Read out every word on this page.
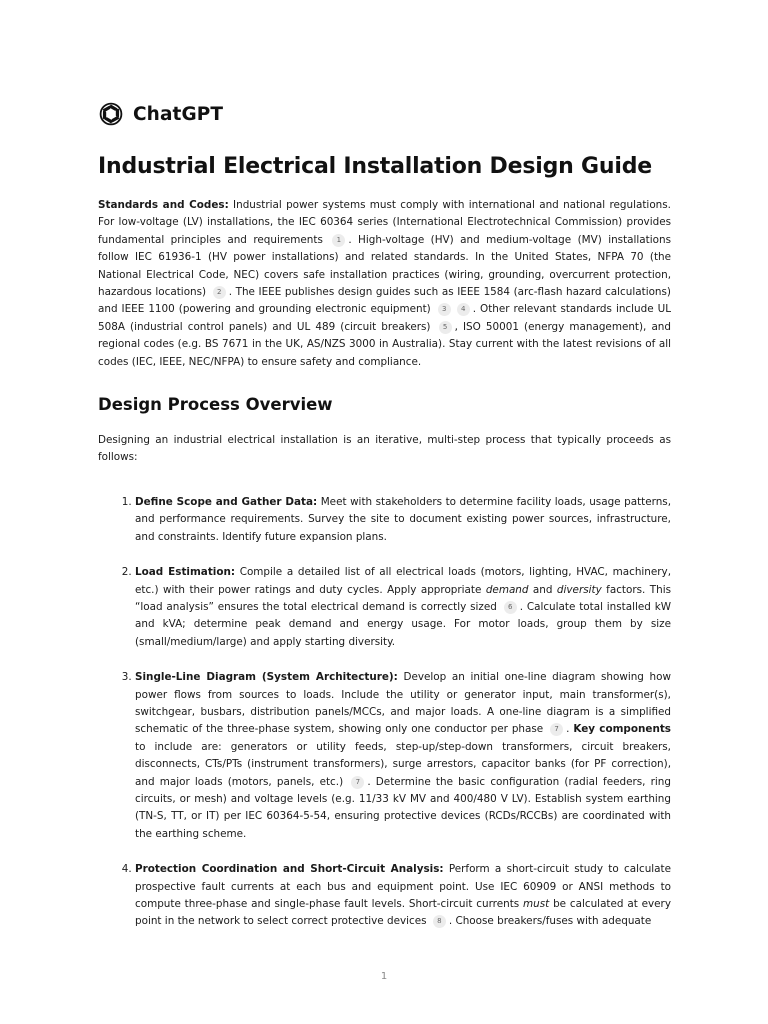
ChatGPT
Industrial Electrical Installation Design Guide

Standards and Codes: Industrial power systems must comply with international and national regulations. For low-voltage (LV) installations, the IEC 60364 series (International Electrotechnical Commission) provides fundamental principles and requirements 1 . High-voltage (HV) and medium-voltage (MV) installations follow IEC 61936-1 (HV power installations) and related standards. In the United States, NFPA 70 (the National Electrical Code, NEC) covers safe installation practices (wiring, grounding, overcurrent protection, hazardous locations) 2 . The IEEE publishes design guides such as IEEE 1584 (arc-flash hazard calculations) and IEEE 1100 (powering and grounding electronic equipment) 3 4 . Other relevant standards include UL 508A (industrial control panels) and UL 489 (circuit breakers) 5 , ISO 50001 (energy management), and regional codes (e.g. BS 7671 in the UK, AS/NZS 3000 in Australia). Stay current with the latest revisions of all codes (IEC, IEEE, NEC/NFPA) to ensure safety and compliance.

Design Process Overview

Designing an industrial electrical installation is an iterative, multi-step process that typically proceeds as follows:

1. Define Scope and Gather Data: Meet with stakeholders to determine facility loads, usage patterns, and performance requirements. Survey the site to document existing power sources, infrastructure, and constraints. Identify future expansion plans.
2. Load Estimation: Compile a detailed list of all electrical loads (motors, lighting, HVAC, machinery, etc.) with their power ratings and duty cycles. Apply appropriate demand and diversity factors. This “load analysis” ensures the total electrical demand is correctly sized 6 . Calculate total installed kW and kVA; determine peak demand and energy usage. For motor loads, group them by size (small/medium/large) and apply starting diversity.
3. Single-Line Diagram (System Architecture): Develop an initial one-line diagram showing how power flows from sources to loads. Include the utility or generator input, main transformer(s), switchgear, busbars, distribution panels/MCCs, and major loads. A one-line diagram is a simplified schematic of the three-phase system, showing only one conductor per phase 7 . Key components to include are: generators or utility feeds, step-up/step-down transformers, circuit breakers, disconnects, CTs/PTs (instrument transformers), surge arrestors, capacitor banks (for PF correction), and major loads (motors, panels, etc.) 7 . Determine the basic configuration (radial feeders, ring circuits, or mesh) and voltage levels (e.g. 11/33 kV MV and 400/480 V LV). Establish system earthing (TN-S, TT, or IT) per IEC 60364-5-54, ensuring protective devices (RCDs/RCCBs) are coordinated with the earthing scheme.
4. Protection Coordination and Short-Circuit Analysis: Perform a short-circuit study to calculate prospective fault currents at each bus and equipment point. Use IEC 60909 or ANSI methods to compute three-phase and single-phase fault levels. Short-circuit currents must be calculated at every point in the network to select correct protective devices 8 . Choose breakers/fuses with adequate
1
